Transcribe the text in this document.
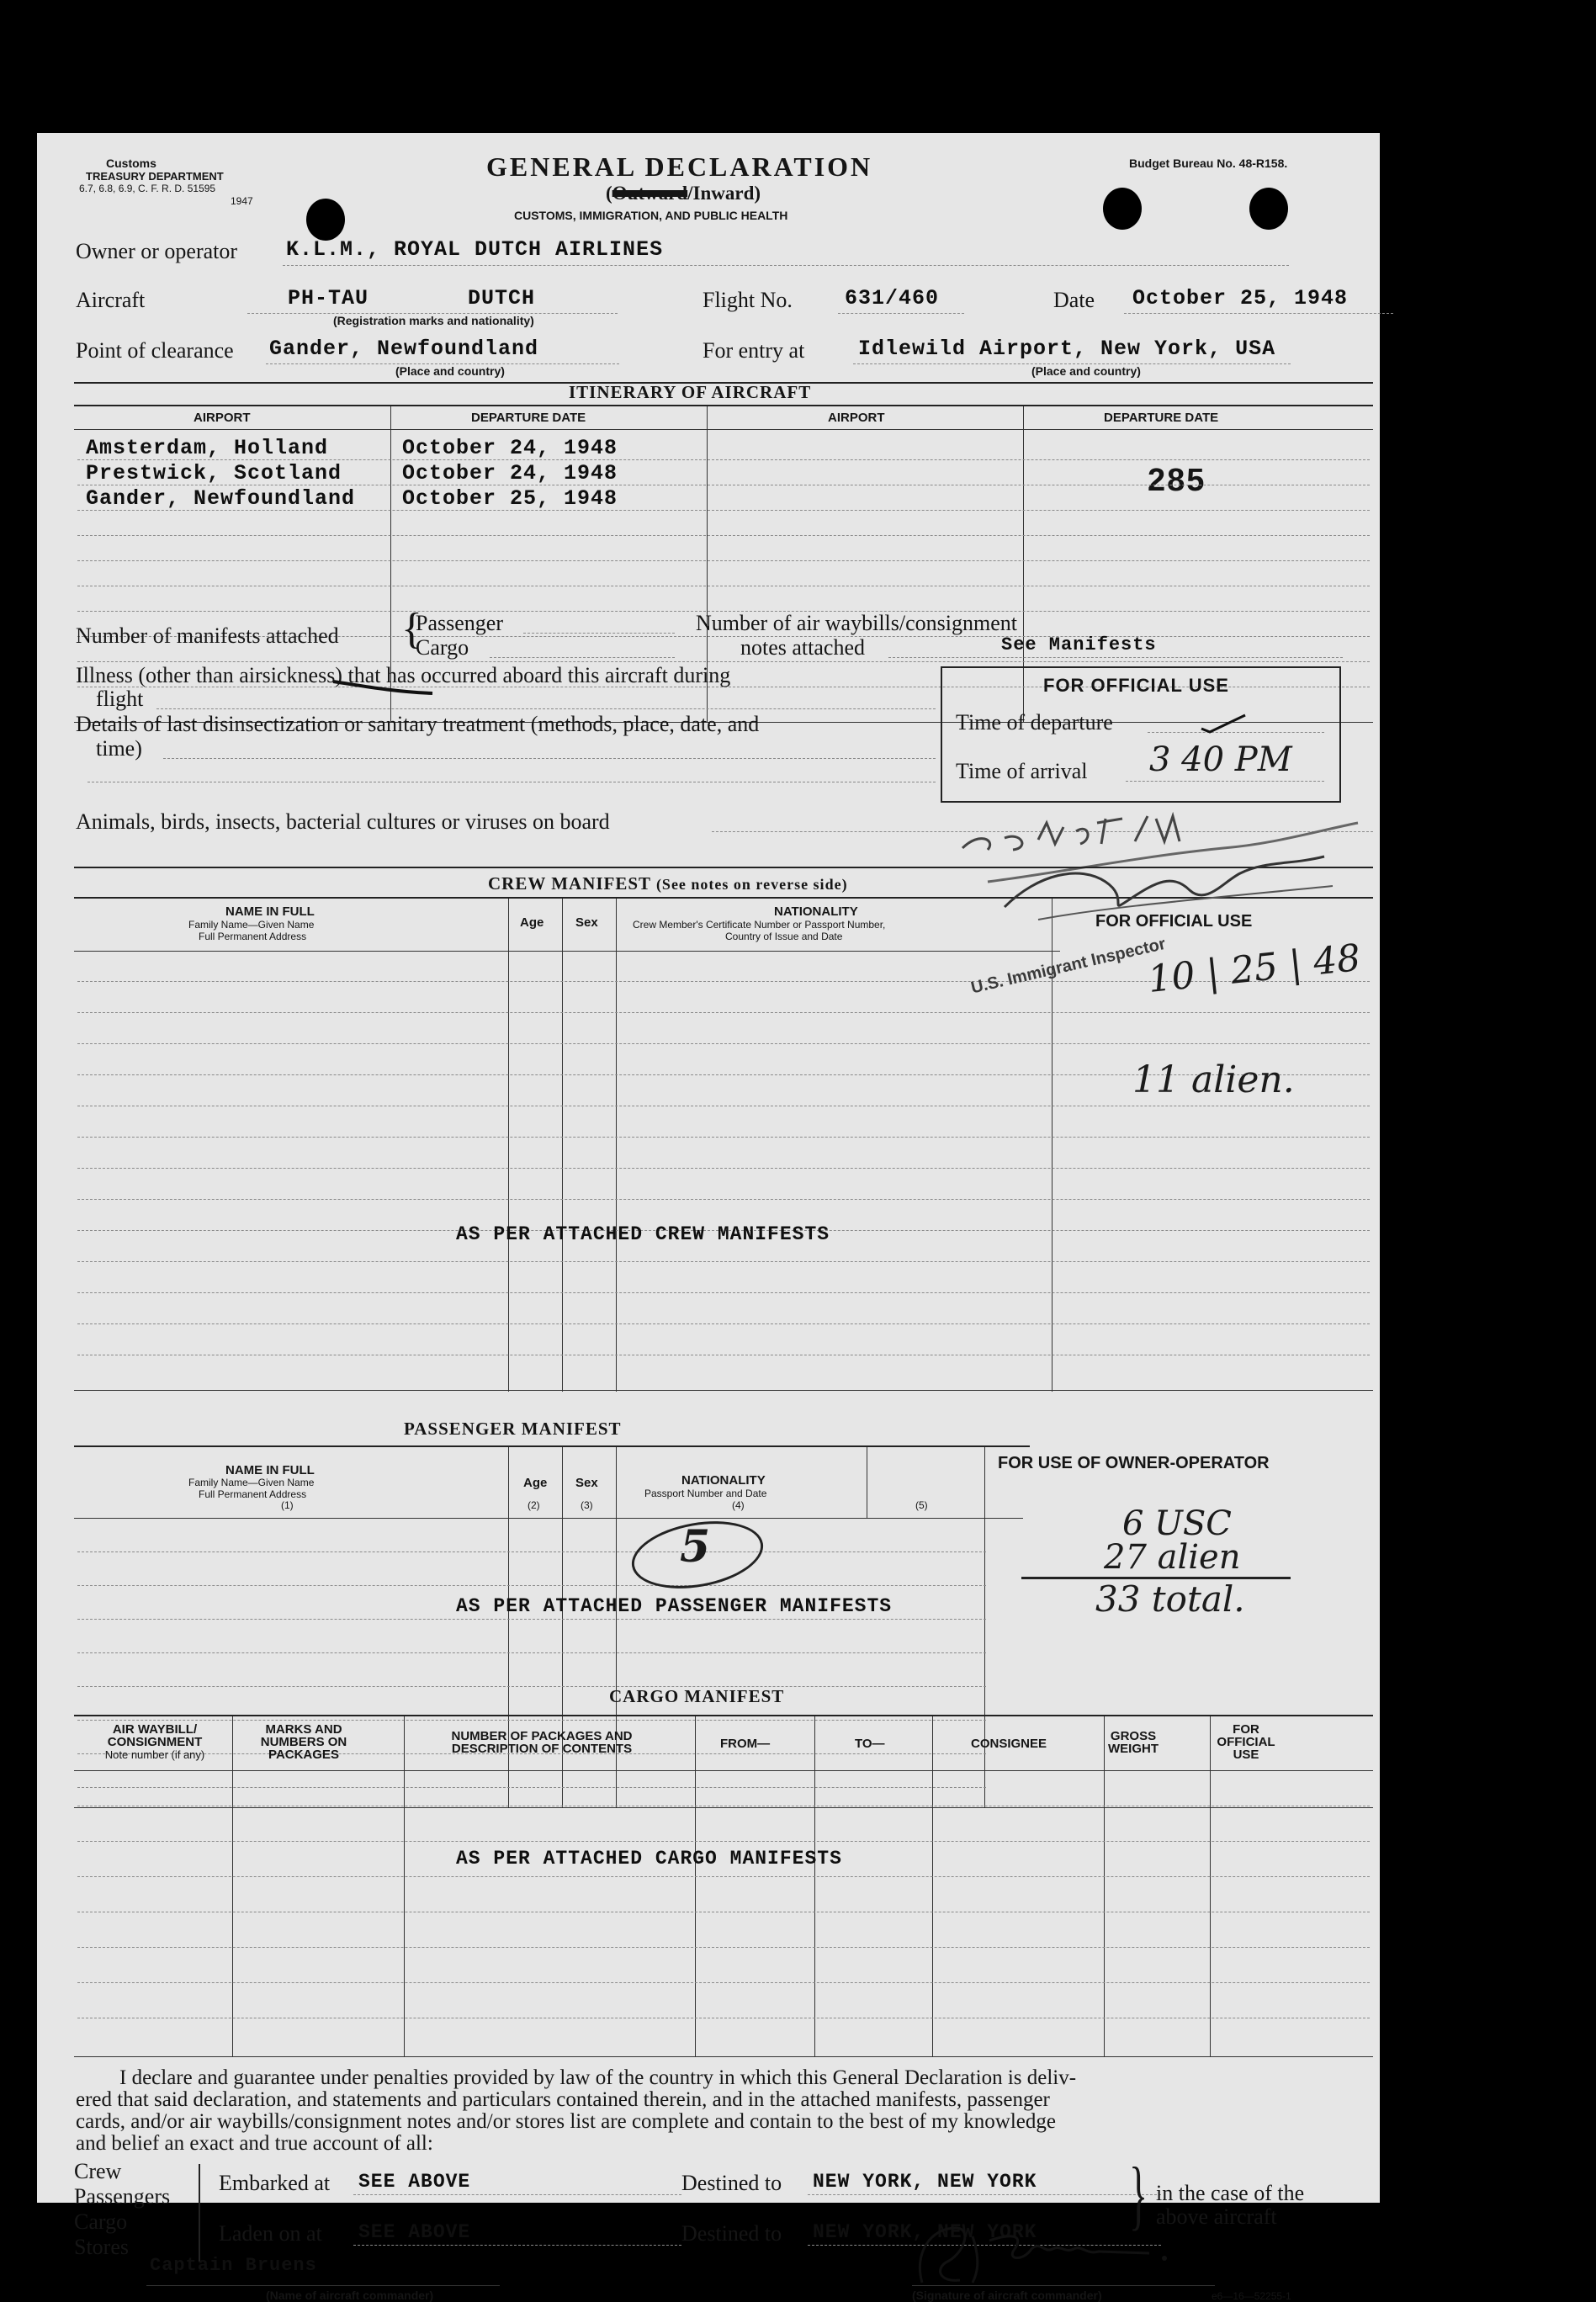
Customs
TREASURY DEPARTMENT
6.7, 6.8, 6.9, C. F. R. D. 51595
1947
GENERAL DECLARATION
(Outward/Inward)
CUSTOMS, IMMIGRATION, AND PUBLIC HEALTH
Budget Bureau No. 48-R158.
Owner or operator K.L.M., ROYAL DUTCH AIRLINES
Aircraft	PH-TAU	DUTCH
(Registration marks and nationality)
Flight No. 631/460	Date October 25, 1948
Point of clearance Gander, Newfoundland
(Place and country)
For entry at	Idlewild Airport, New York, USA
(Place and country)
ITINERARY OF AIRCRAFT
AIRPORT	DEPARTURE DATE	AIRPORT	DEPARTURE DATE
Amsterdam, Holland	October 24, 1948
Prestwick, Scotland	October 24, 1948
Gander, Newfoundland October 25, 1948
285
Number of manifests attached {
Passenger
Cargo
Number of air waybills/consignment
notes attached	See Manifests
Illness (other than airsickness) that has occurred aboard this aircraft during
flight
Details of last disinsectization or sanitary treatment (methods, place, date, and
time)
FOR OFFICIAL USE
Time of departure
Time of arrival 3 40 PM
Animals, birds, insects, bacterial cultures or viruses on board
CREW MANIFEST (See notes on reverse side)
NAME IN FULL
Family Name—Given Name
Full Permanent Address
Age	Sex
NATIONALITY
Crew Member's Certificate Number or Passport Number,
Country of Issue and Date
FOR OFFICIAL USE
AS PER ATTACHED CREW MANIFESTS
U.S. Immigrant Inspector
10 | 25 | 48
11 alien.
PASSENGER MANIFEST
NAME IN FULL
Family Name—Given Name
Full Permanent Address
(1)
Age
(2)
Sex
(3)
NATIONALITY
Passport Number and Date
(4)	(5)
FOR USE OF OWNER-OPERATOR
AS PER ATTACHED PASSENGER MANIFESTS
5	6 USC
27 alien
33 total.
CARGO MANIFEST
AIR WAYBILL/
CONSIGNMENT
Note number (if any)
MARKS AND
NUMBERS ON
PACKAGES
NUMBER OF PACKAGES AND
DESCRIPTION OF CONTENTS	FROM—	TO—	CONSIGNEE
GROSS
WEIGHT
FOR
OFFICIAL
USE
AS PER ATTACHED CARGO MANIFESTS
I declare and guarantee under penalties provided by law of the country in which this General Declaration is deliv-
ered that said declaration, and statements and particulars contained therein, and in the attached manifests, passenger
cards, and/or air waybills/consignment notes and/or stores list are complete and contain to the best of my knowledge
and belief an exact and true account of all:
Crew
Passengers
Cargo
Stores
Embarked at SEE ABOVE
Laden on at SEE ABOVE
Destined to NEW YORK, NEW YORK
Destined to NEW YORK, NEW YORK } in the case of the
above aircraft
Captain Bruens
(Name of aircraft commander)	(Signature of aircraft commander)	e6—16—52255-1
